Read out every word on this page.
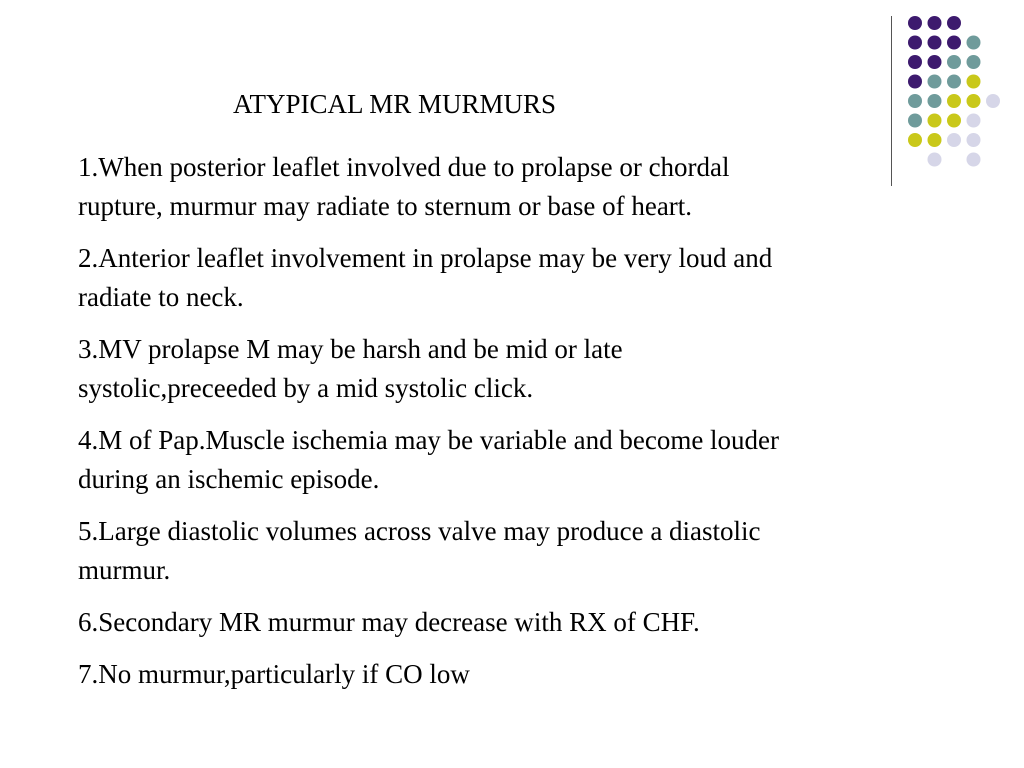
ATYPICAL MR MURMURS
1.When posterior leaflet involved due to prolapse or chordal
rupture, murmur may radiate to sternum or base of heart.
2.Anterior leaflet involvement in prolapse may be very loud and
radiate to neck.
3.MV prolapse M may be harsh and be mid or late
systolic,preceeded by a mid systolic click.
4.M of Pap.Muscle ischemia may be variable and become louder
during an ischemic episode.
5.Large diastolic volumes across valve may produce a diastolic
murmur.
6.Secondary MR murmur may decrease with RX of CHF.
7.No murmur,particularly if CO low
